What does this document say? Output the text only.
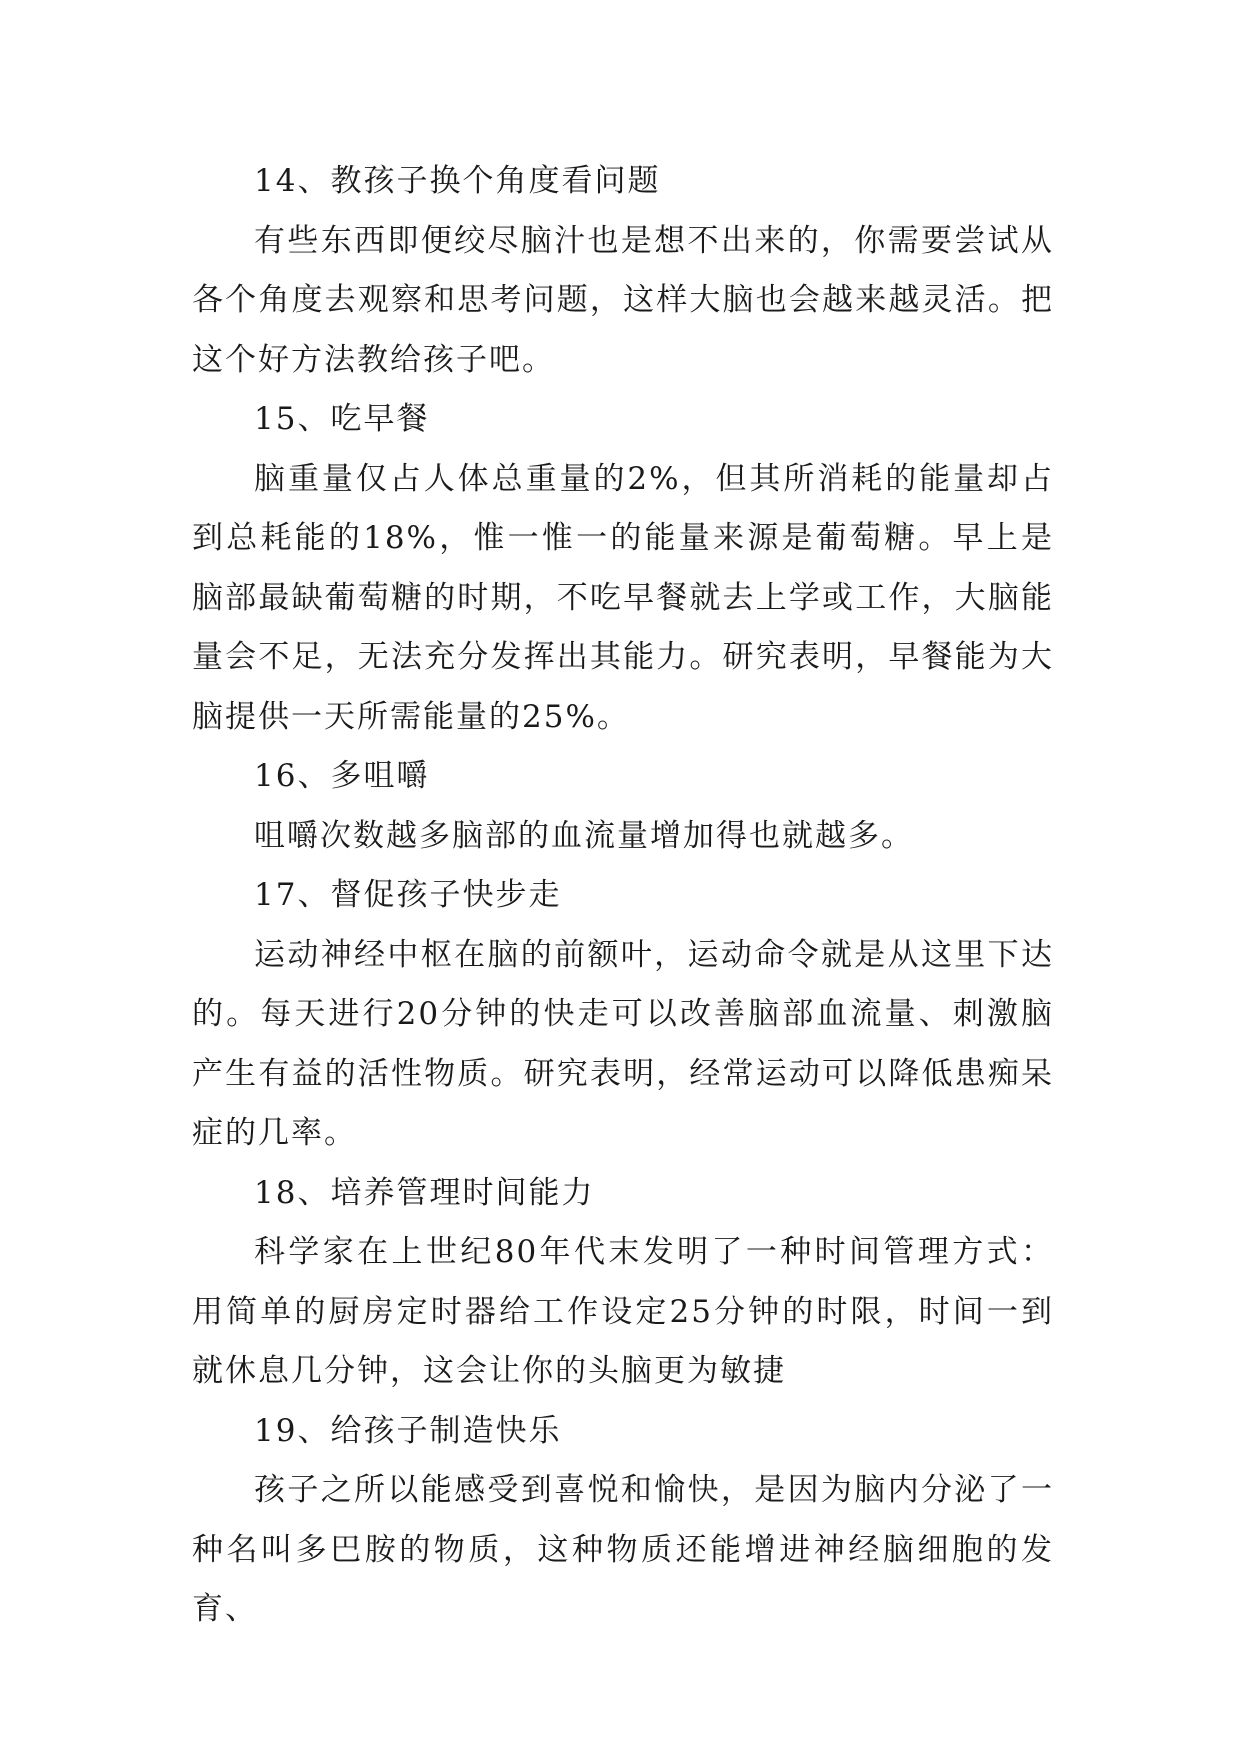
14、教孩子换个角度看问题

有些东西即便绞尽脑汁也是想不出来的，你需要尝试从各个角度去观察和思考问题，这样大脑也会越来越灵活。把这个好方法教给孩子吧。

15、吃早餐

脑重量仅占人体总重量的2%，但其所消耗的能量却占到总耗能的18%，惟一惟一的能量来源是葡萄糖。早上是脑部最缺葡萄糖的时期，不吃早餐就去上学或工作，大脑能量会不足，无法充分发挥出其能力。研究表明，早餐能为大脑提供一天所需能量的25%。

16、多咀嚼

咀嚼次数越多脑部的血流量增加得也就越多。

17、督促孩子快步走

运动神经中枢在脑的前额叶，运动命令就是从这里下达的。每天进行20分钟的快走可以改善脑部血流量、刺激脑产生有益的活性物质。研究表明，经常运动可以降低患痴呆症的几率。

18、培养管理时间能力

科学家在上世纪80年代末发明了一种时间管理方式：用简单的厨房定时器给工作设定25分钟的时限，时间一到就休息几分钟，这会让你的头脑更为敏捷

19、给孩子制造快乐

孩子之所以能感受到喜悦和愉快，是因为脑内分泌了一种名叫多巴胺的物质，这种物质还能增进神经脑细胞的发育、
